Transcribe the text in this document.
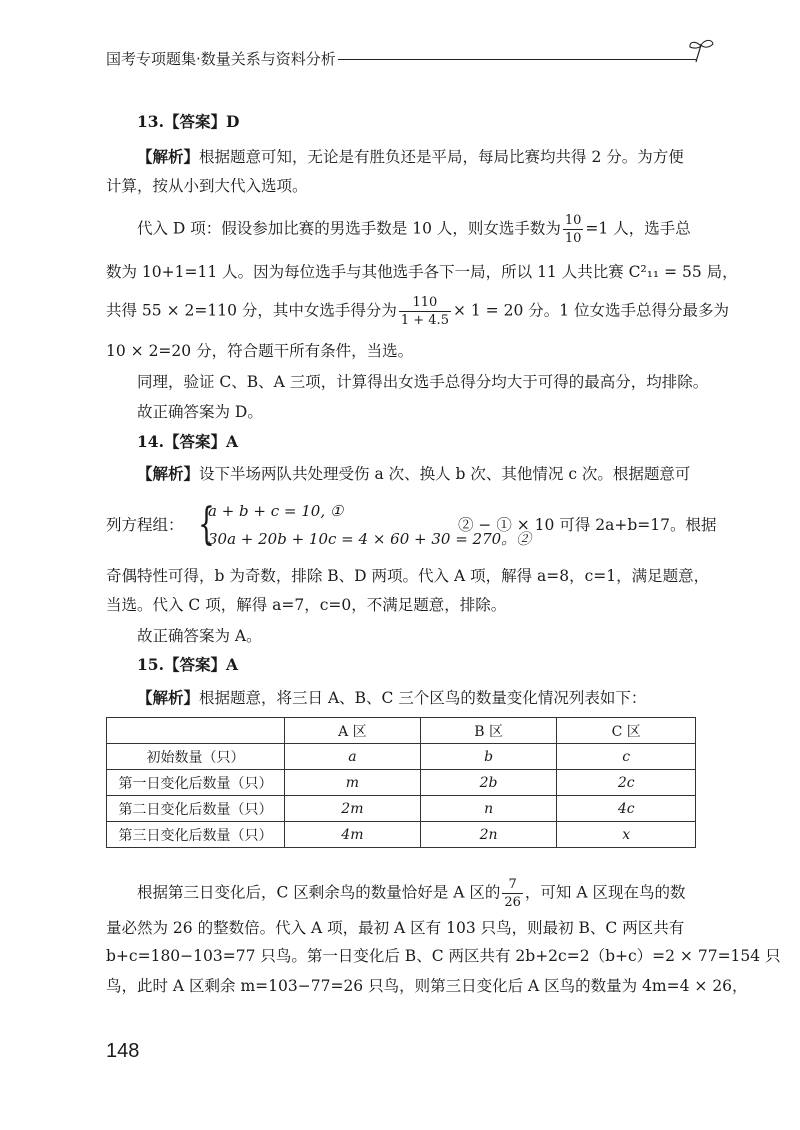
国考专项题集·数量关系与资料分析
13.【答案】D
【解析】根据题意可知，无论是有胜负还是平局，每局比赛均共得 2 分。为方便
计算，按从小到大代入选项。
代入 D 项：假设参加比赛的男选手数是 10 人，则女选手数为 $\frac{10}{10} =1$ 人，选手总
数为 10+1=11 人。因为每位选手与其他选手各下一局，所以 11 人共比赛 C²₁₁ = 55 局，
共得 55 × 2=110 分，其中女选手得分为 $\frac{110}{1 + 4.5} \times 1 = 20$ 分。1 位女选手总得分最多为
10 × 2=20 分，符合题干所有条件，当选。
同理，验证 C、B、A 三项，计算得出女选手总得分均大于可得的最高分，均排除。
故正确答案为 D。
14.【答案】A
【解析】设下半场两队共处理受伤 a 次、换人 b 次、其他情况 c 次。根据题意可
列方程组： {
a + b + c = 10, ①
30a + 20b + 10c = 4 × 60 + 30 = 270。②
② − ① × 10 可得 2a+b=17。根据
奇偶特性可得，b 为奇数，排除 B、D 两项。代入 A 项，解得 a=8，c=1，满足题意，
当选。代入 C 项，解得 a=7，c=0，不满足题意，排除。
故正确答案为 A。
15.【答案】A
【解析】根据题意，将三日 A、B、C 三个区鸟的数量变化情况列表如下：
	A 区	B 区	C 区
初始数量（只）	a	b	c
第一日变化后数量（只）	m	2b	2c
第二日变化后数量（只）	2m	n	4c
第三日变化后数量（只）	4m	2n	x
根据第三日变化后，C 区剩余鸟的数量恰好是 A 区的 $\frac{7}{26}$ ，可知 A 区现在鸟的数
量必然为 26 的整数倍。代入 A 项，最初 A 区有 103 只鸟，则最初 B、C 两区共有
b+c=180−103=77 只鸟。第一日变化后 B、C 两区共有 2b+2c=2（b+c）=2 × 77=154 只
鸟，此时 A 区剩余 m=103−77=26 只鸟，则第三日变化后 A 区鸟的数量为 4m=4 × 26，
148
